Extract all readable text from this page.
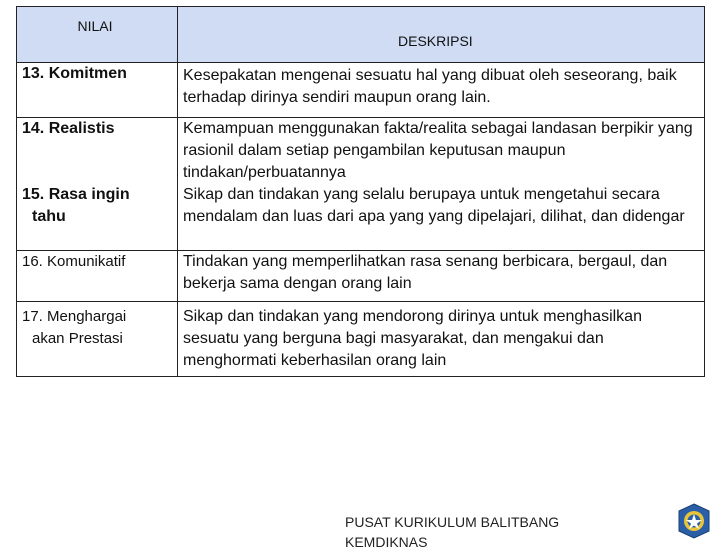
NILAI	DESKRIPSI

13. Komitmen	Kesepakatan mengenai sesuatu hal yang dibuat oleh seseorang, baik terhadap dirinya sendiri maupun orang lain.
14. Realistis	Kemampuan menggunakan fakta/realita sebagai landasan berpikir yang rasionil dalam setiap pengambilan keputusan maupun tindakan/perbuatannya
15. Rasa ingin
tahu	Sikap dan tindakan yang selalu berupaya untuk mengetahui secara mendalam dan luas dari apa yang yang dipelajari, dilihat, dan didengar
16. Komunikatif	Tindakan yang memperlihatkan rasa senang berbicara, bergaul, dan bekerja sama dengan orang lain
17. Menghargai
akan Prestasi	Sikap dan tindakan yang mendorong dirinya untuk menghasilkan sesuatu yang berguna bagi masyarakat, dan mengakui dan menghormati keberhasilan orang lain
PUSAT KURIKULUM BALITBANG KEMDIKNAS
